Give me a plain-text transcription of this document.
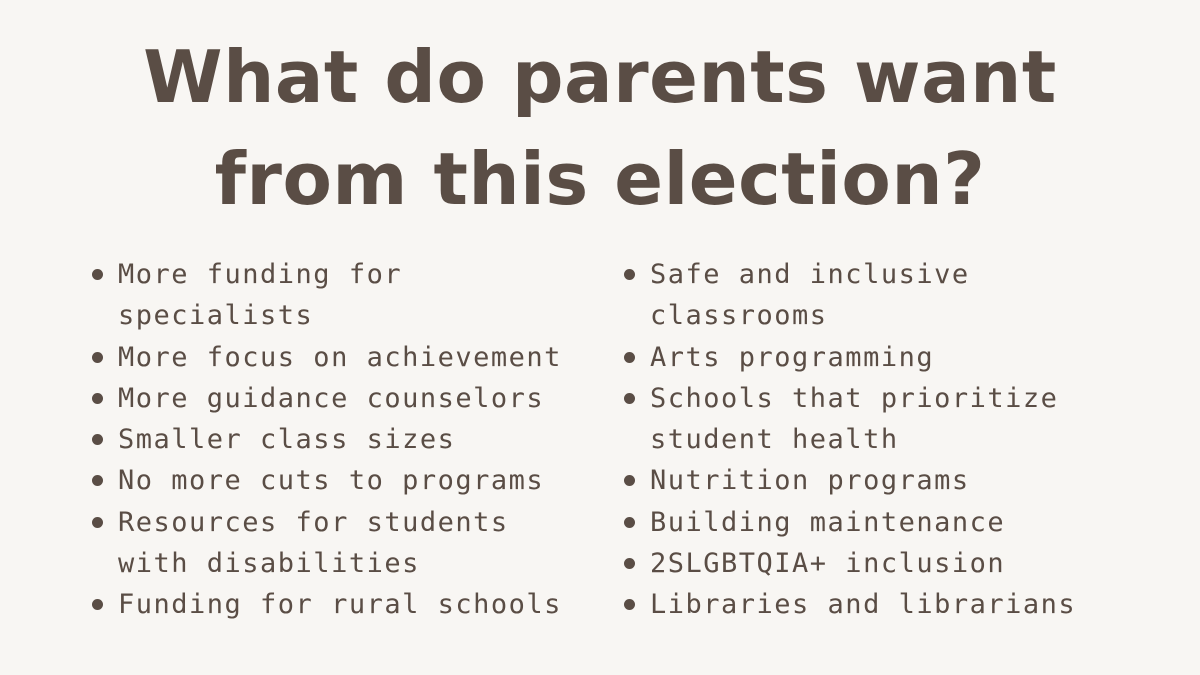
What do parents want
from this election?
More funding for
specialists
More focus on achievement
More guidance counselors
Smaller class sizes
No more cuts to programs
Resources for students
with disabilities
Funding for rural schools
Safe and inclusive
classrooms
Arts programming
Schools that prioritize
student health
Nutrition programs
Building maintenance
2SLGBTQIA+ inclusion
Libraries and librarians
